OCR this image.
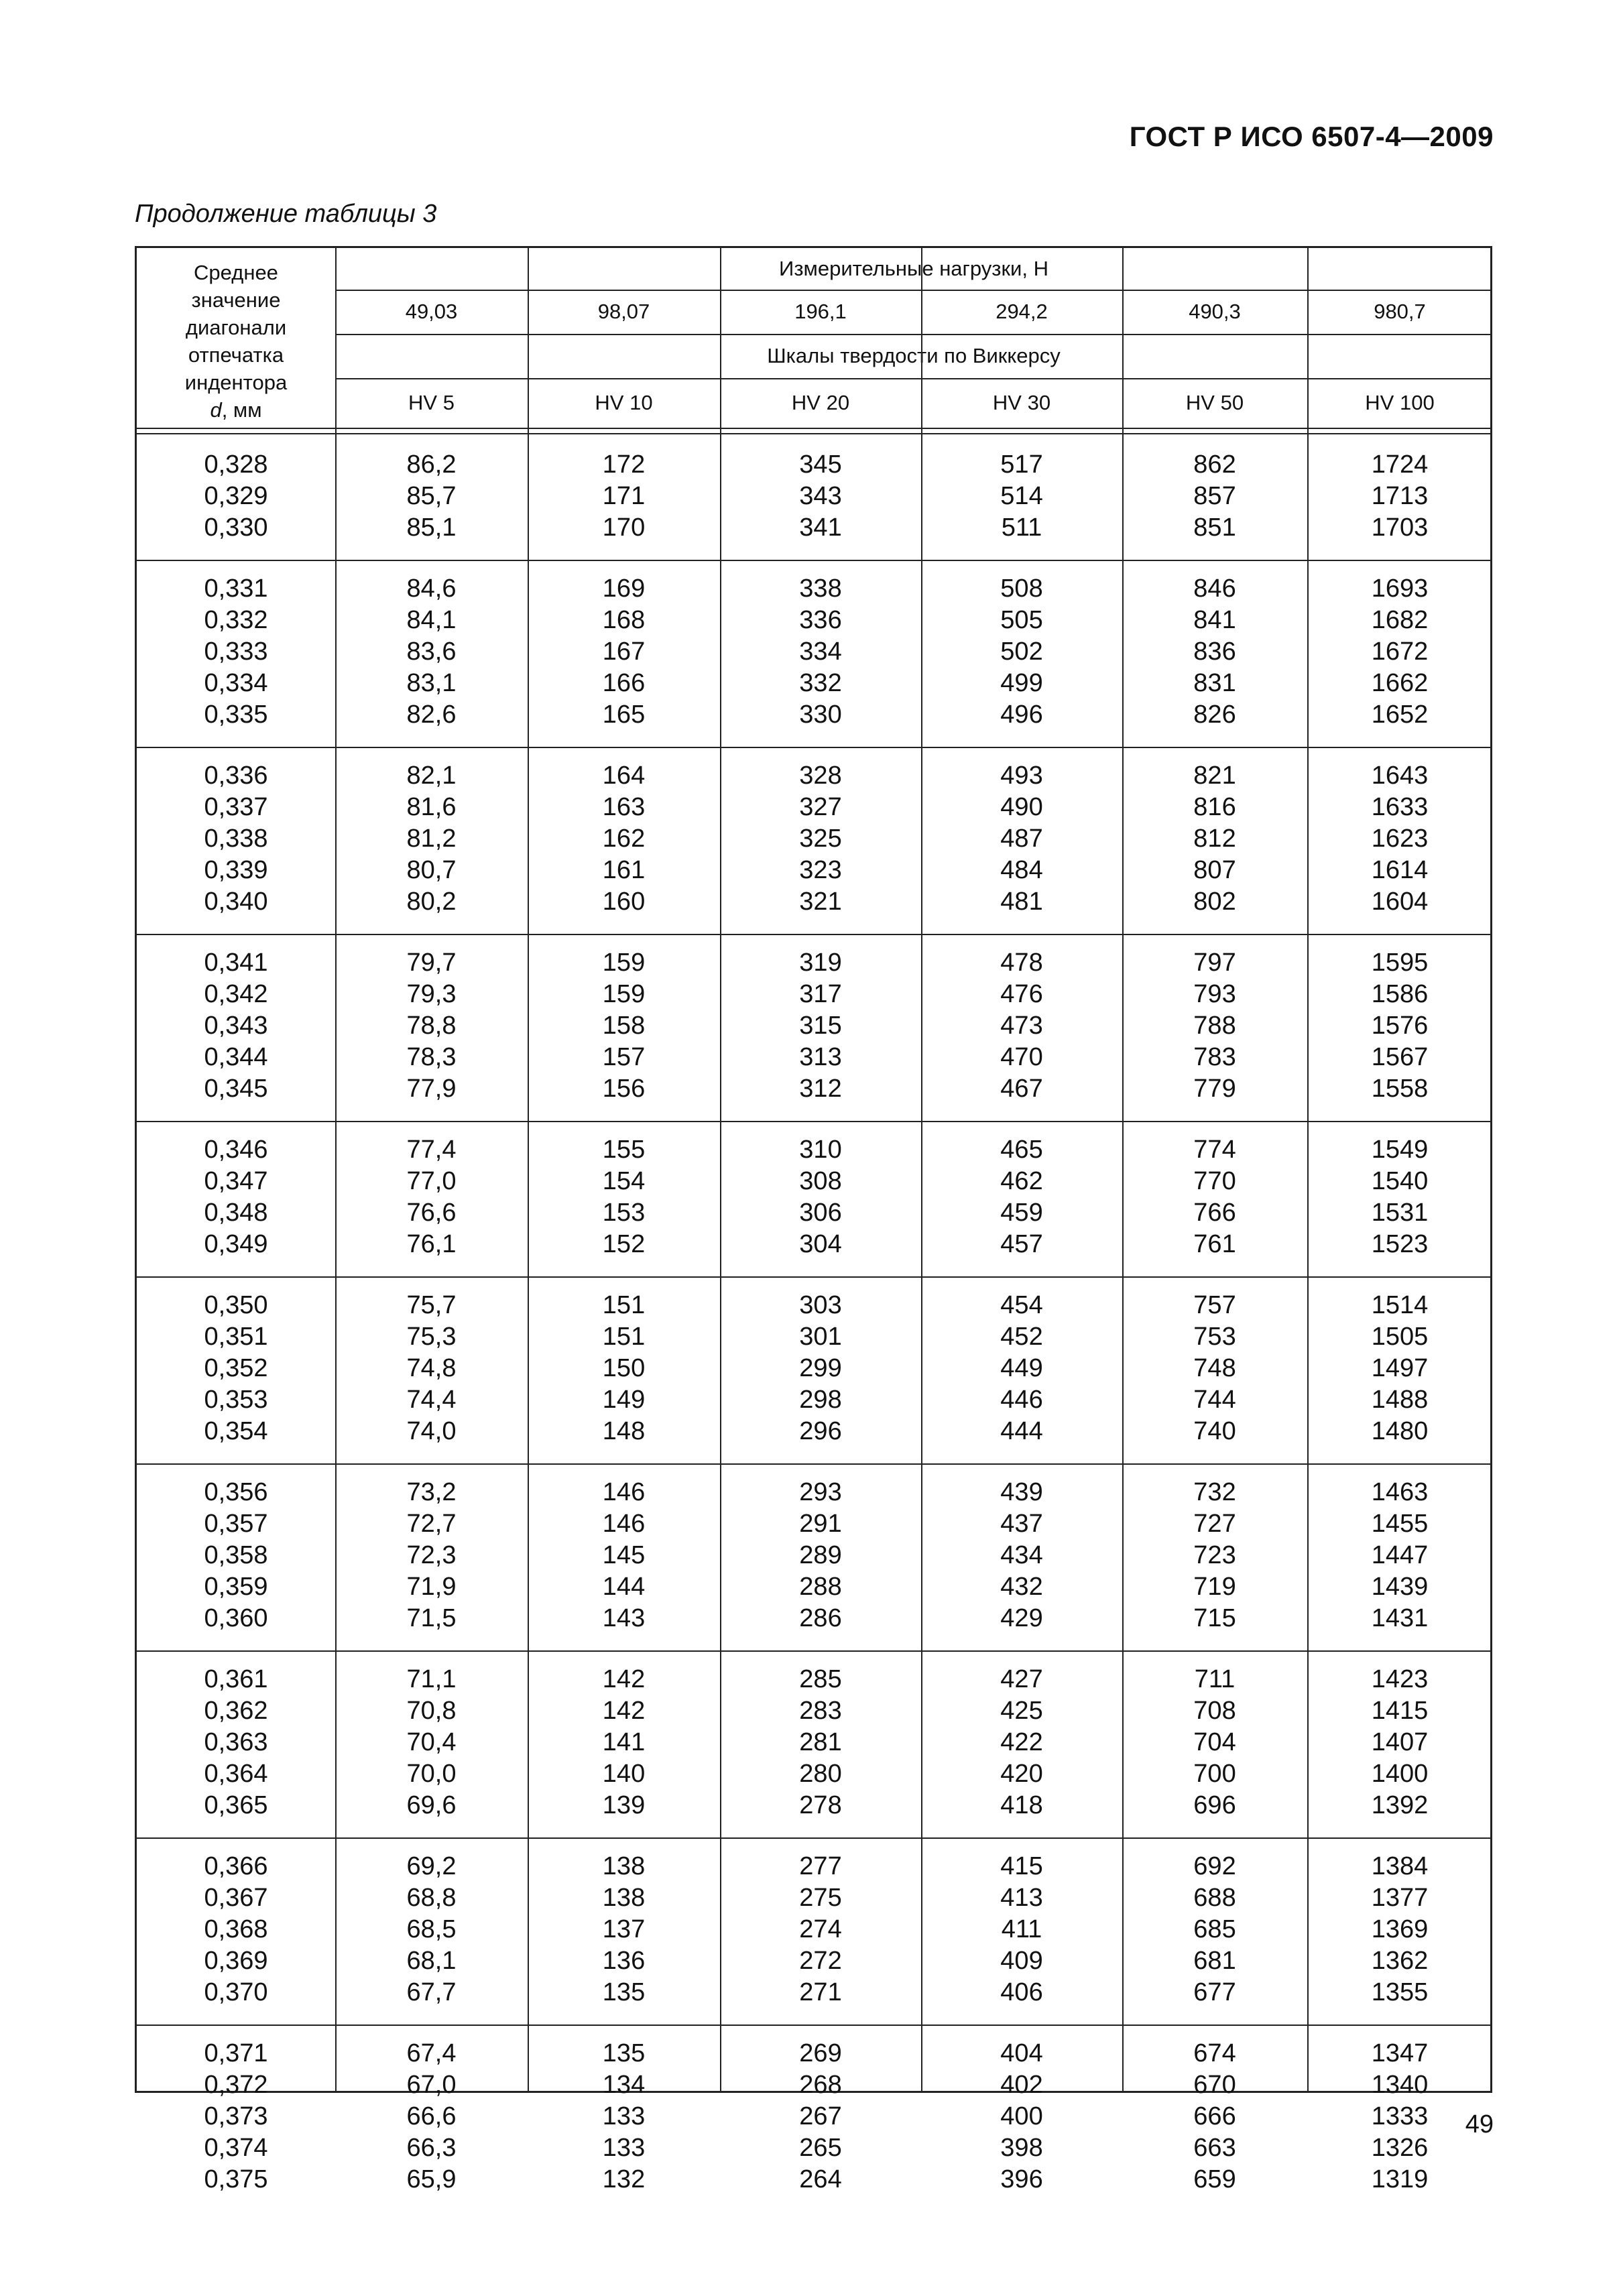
ГОСТ Р ИСО 6507-4—2009
Продолжение таблицы 3
Среднее
значение
диагонали
отпечатка
индентора
d, мм
Измерительные нагрузки, Н
Шкалы твердости по Виккерсу
49,03	98,07	196,1	294,2	490,3	980,7
HV 5	HV 10	HV 20	HV 30	HV 50	HV 100
0,328	86,2	172	345	517	862	1724
0,329	85,7	171	343	514	857	1713
0,330	85,1	170	341	511	851	1703
0,331	84,6	169	338	508	846	1693
0,332	84,1	168	336	505	841	1682
0,333	83,6	167	334	502	836	1672
0,334	83,1	166	332	499	831	1662
0,335	82,6	165	330	496	826	1652
0,336	82,1	164	328	493	821	1643
0,337	81,6	163	327	490	816	1633
0,338	81,2	162	325	487	812	1623
0,339	80,7	161	323	484	807	1614
0,340	80,2	160	321	481	802	1604
0,341	79,7	159	319	478	797	1595
0,342	79,3	159	317	476	793	1586
0,343	78,8	158	315	473	788	1576
0,344	78,3	157	313	470	783	1567
0,345	77,9	156	312	467	779	1558
0,346	77,4	155	310	465	774	1549
0,347	77,0	154	308	462	770	1540
0,348	76,6	153	306	459	766	1531
0,349	76,1	152	304	457	761	1523
0,350	75,7	151	303	454	757	1514
0,351	75,3	151	301	452	753	1505
0,352	74,8	150	299	449	748	1497
0,353	74,4	149	298	446	744	1488
0,354	74,0	148	296	444	740	1480
0,356	73,2	146	293	439	732	1463
0,357	72,7	146	291	437	727	1455
0,358	72,3	145	289	434	723	1447
0,359	71,9	144	288	432	719	1439
0,360	71,5	143	286	429	715	1431
0,361	71,1	142	285	427	711	1423
0,362	70,8	142	283	425	708	1415
0,363	70,4	141	281	422	704	1407
0,364	70,0	140	280	420	700	1400
0,365	69,6	139	278	418	696	1392
0,366	69,2	138	277	415	692	1384
0,367	68,8	138	275	413	688	1377
0,368	68,5	137	274	411	685	1369
0,369	68,1	136	272	409	681	1362
0,370	67,7	135	271	406	677	1355
0,371	67,4	135	269	404	674	1347
0,372	67,0	134	268	402	670	1340
0,373	66,6	133	267	400	666	1333
0,374	66,3	133	265	398	663	1326
0,375	65,9	132	264	396	659	1319
49
